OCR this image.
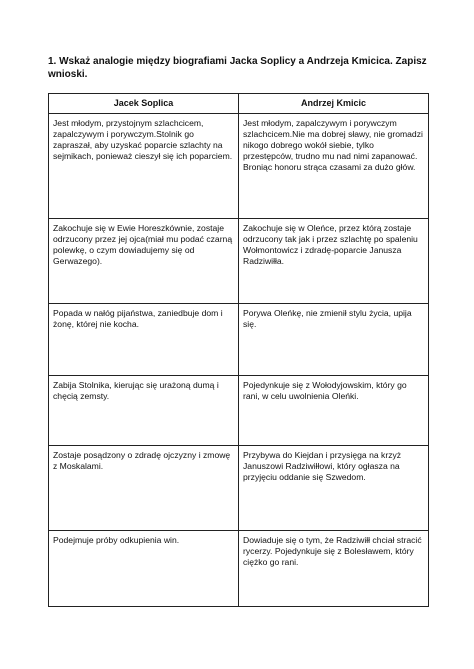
1. Wskaż analogie między biografiami Jacka Soplicy a Andrzeja Kmicica. Zapisz wnioski.

Jacek Soplica	Andrzej Kmicic
Jest młodym, przystojnym szlachcicem, zapalczywym i porywczym.Stolnik go zapraszał, aby uzyskać poparcie szlachty na sejmikach, ponieważ cieszył się ich poparciem.	Jest młodym, zapalczywym i porywczym szlachcicem.Nie ma dobrej sławy, nie gromadzi nikogo dobrego wokół siebie, tylko przestępców, trudno mu nad nimi zapanować. Broniąc honoru strąca czasami za dużo głów.
Zakochuje się w Ewie Horeszkównie, zostaje odrzucony przez jej ojca(miał mu podać czarną polewkę, o czym dowiadujemy się od Gerwazego).	Zakochuje się w Oleńce, przez którą zostaje odrzucony tak jak i przez szlachtę po spaleniu Wołmontowicz i zdradę-poparcie Janusza Radziwiłła.
Popada w nałóg pijaństwa, zaniedbuje dom i żonę, której nie kocha.	Porywa Oleńkę, nie zmienił stylu życia, upija się.
Zabija Stolnika, kierując się urażoną dumą i chęcią zemsty.	Pojedynkuje się z Wołodyjowskim, który go rani, w celu uwolnienia Oleńki.
Zostaje posądzony o zdradę ojczyzny i zmowę z Moskalami.	Przybywa do Kiejdan i przysięga na krzyż Januszowi Radziwiłłowi, który ogłasza na przyjęciu oddanie się Szwedom.
Podejmuje próby odkupienia win.	Dowiaduje się o tym, że Radziwiłł chciał stracić rycerzy. Pojedynkuje się z Bolesławem, który ciężko go rani.
